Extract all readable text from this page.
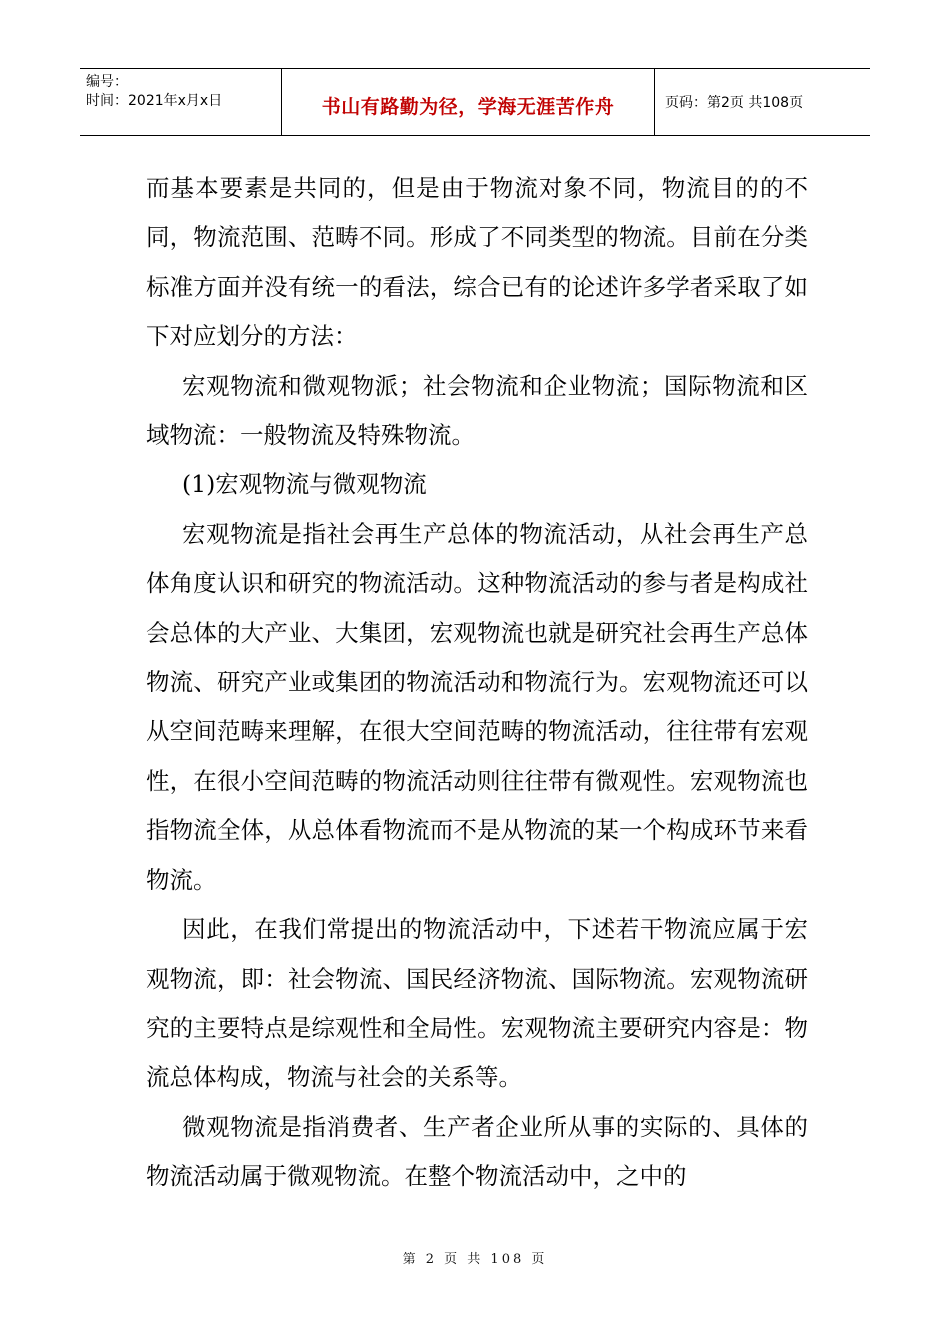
编号：
时间：2021年x月x日	书山有路勤为径，学海无涯苦作舟	页码：第2页 共108页

而基本要素是共同的，但是由于物流对象不同，物流目的的不同，物流范围、范畴不同。形成了不同类型的物流。目前在分类标准方面并没有统一的看法，综合已有的论述许多学者采取了如下对应划分的方法：

宏观物流和微观物派；社会物流和企业物流；国际物流和区域物流：一般物流及特殊物流。

(1)宏观物流与微观物流

宏观物流是指社会再生产总体的物流活动，从社会再生产总体角度认识和研究的物流活动。这种物流活动的参与者是构成社会总体的大产业、大集团，宏观物流也就是研究社会再生产总体物流、研究产业或集团的物流活动和物流行为。宏观物流还可以从空间范畴来理解，在很大空间范畴的物流活动，往往带有宏观性，在很小空间范畴的物流活动则往往带有微观性。宏观物流也指物流全体，从总体看物流而不是从物流的某一个构成环节来看物流。

因此，在我们常提出的物流活动中，下述若干物流应属于宏观物流，即：社会物流、国民经济物流、国际物流。宏观物流研究的主要特点是综观性和全局性。宏观物流主要研究内容是：物流总体构成，物流与社会的关系等。

微观物流是指消费者、生产者企业所从事的实际的、具体的物流活动属于微观物流。在整个物流活动中，之中的

第 2 页 共 108 页
